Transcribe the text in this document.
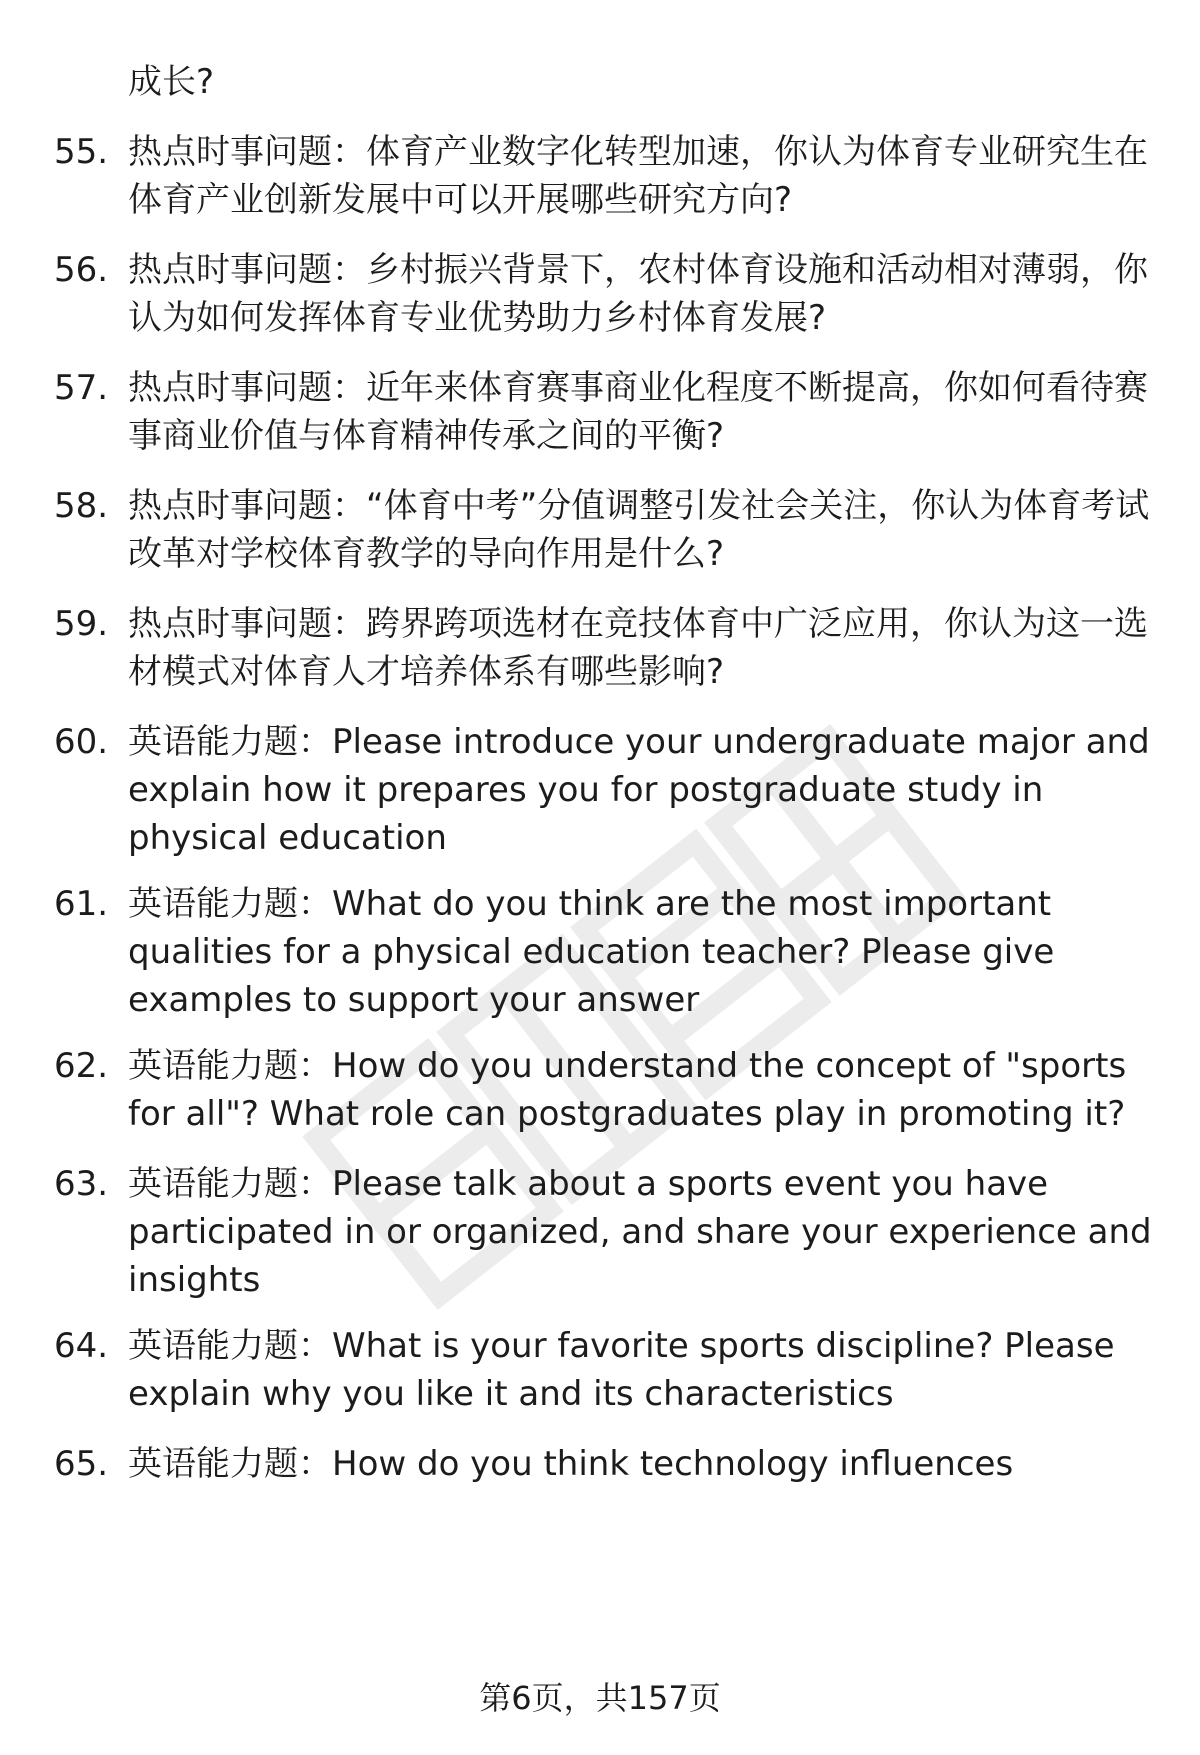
成长?

55. 热点时事问题：体育产业数字化转型加速，你认为体育专业研究生在体育产业创新发展中可以开展哪些研究方向?

56. 热点时事问题：乡村振兴背景下，农村体育设施和活动相对薄弱，你认为如何发挥体育专业优势助力乡村体育发展?

57. 热点时事问题：近年来体育赛事商业化程度不断提高，你如何看待赛事商业价值与体育精神传承之间的平衡?

58. 热点时事问题：“体育中考”分值调整引发社会关注，你认为体育考试改革对学校体育教学的导向作用是什么?

59. 热点时事问题：跨界跨项选材在竞技体育中广泛应用，你认为这一选材模式对体育人才培养体系有哪些影响?

60. 英语能力题：Please introduce your undergraduate major and explain how it prepares you for postgraduate study in physical education

61. 英语能力题：What do you think are the most important qualities for a physical education teacher? Please give examples to support your answer

62. 英语能力题：How do you understand the concept of "sports for all"? What role can postgraduates play in promoting it?

63. 英语能力题：Please talk about a sports event you have participated in or organized, and share your experience and insights

64. 英语能力题：What is your favorite sports discipline? Please explain why you like it and its characteristics

65. 英语能力题：How do you think technology influences

第6页，共157页
